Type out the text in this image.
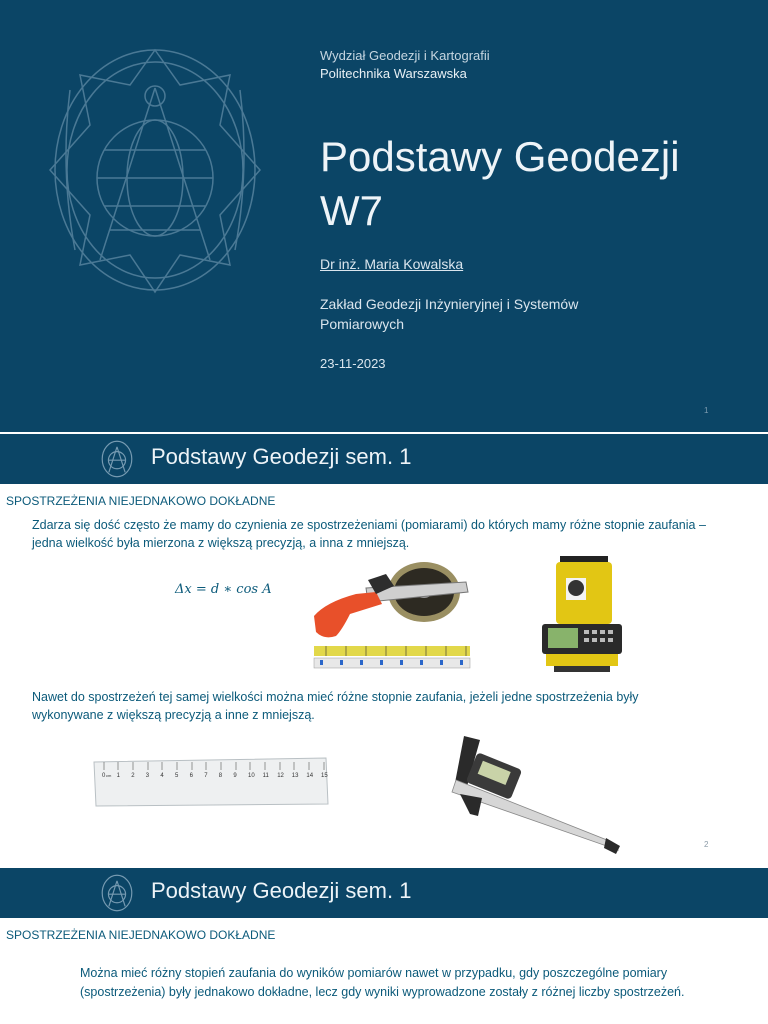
Wydział Geodezji i Kartografii
Politechnika Warszawska
Podstawy Geodezji W7
Dr inż. Maria Kowalska
Zakład Geodezji Inżynieryjnej i Systemów Pomiarowych
23-11-2023
1
Podstawy Geodezji sem. 1
SPOSTRZEŻENIA NIEJEDNAKOWO DOKŁADNE

Zdarza się dość często że mamy do czynienia ze spostrzeżeniami (pomiarami) do których mamy różne stopnie zaufania – jedna wielkość była mierzona z większą precyzją, a inna z mniejszą.

Δx = d ∗ cos A

Nawet do spostrzeżeń tej samej wielkości można mieć różne stopnie zaufania, jeżeli jedne spostrzeżenia były wykonywane z większą precyzją a inne z mniejszą.

0 1 2 3 4 5 6 7 8 9 10 11 12 13 14 15
cm
2
Podstawy Geodezji sem. 1
SPOSTRZEŻENIA NIEJEDNAKOWO DOKŁADNE

Można mieć różny stopień zaufania do wyników pomiarów nawet w przypadku, gdy poszczególne pomiary (spostrzeżenia) były jednakowo dokładne, lecz gdy wyniki wyprowadzone zostały z różnej liczby spostrzeżeń.
